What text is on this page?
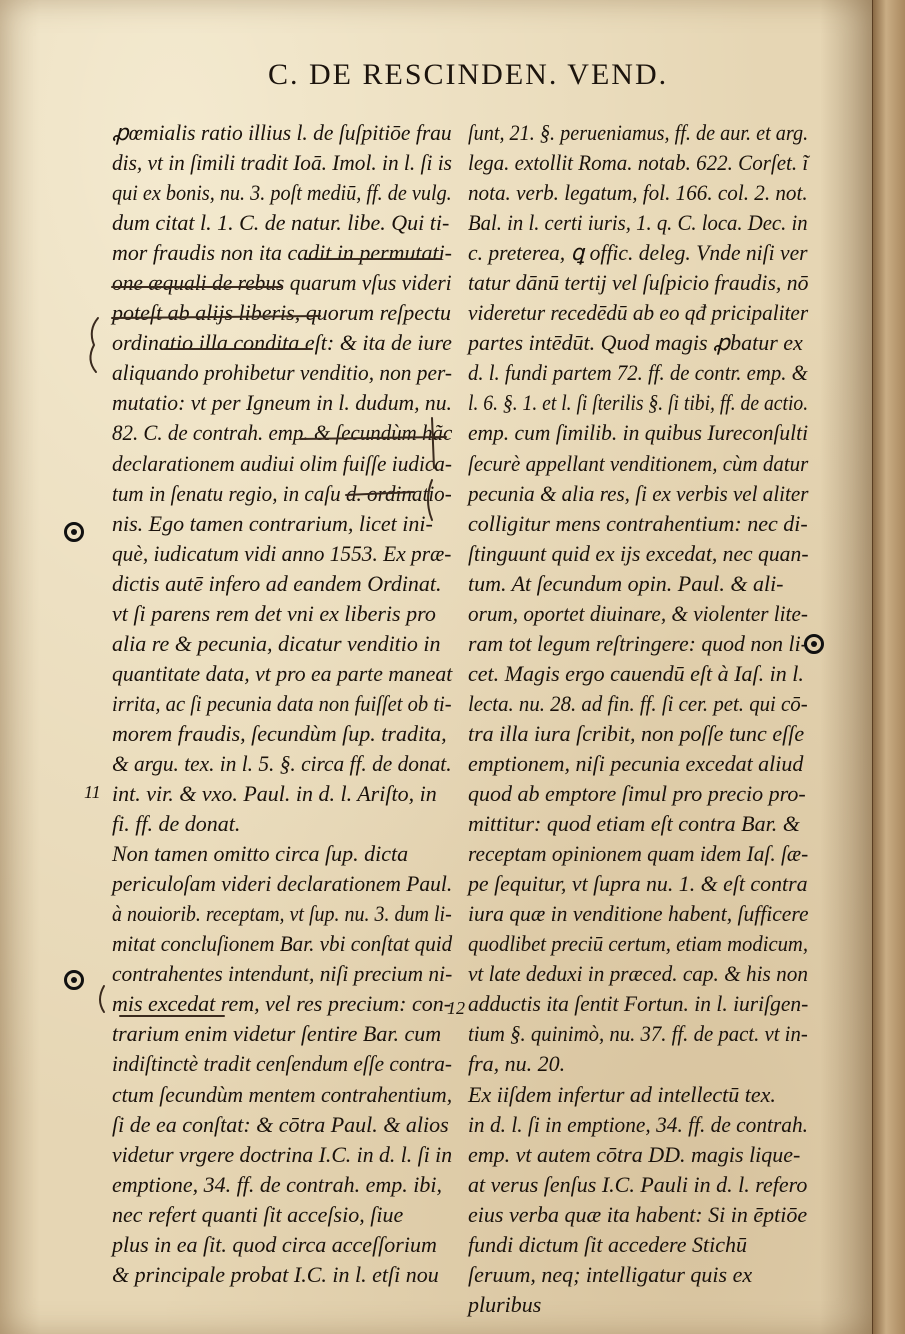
C. DE RESCINDEN. VEND.
ꝓœmialis ratio illius l. de ſuſpitiōe frau
dis, vt in ſimili tradit Ioā. Imol. in l. ſi is
qui ex bonis, nu. 3. poſt mediū, ff. de vulg.
dum citat l. 1. C. de natur. libe. Qui ti-
mor fraudis non ita cadit in permutati-
one æquali de rebus quarum vſus videri
poteſt ab alijs liberis, quorum reſpectu
ordinatio illa condita eſt: & ita de iure
aliquando prohibetur venditio, non per-
mutatio: vt per Igneum in l. dudum, nu.
82. C. de contrah. emp. & ſecundùm hãc
declarationem audiui olim fuiſſe iudica-
tum in ſenatu regio, in caſu d. ordinatio-
nis. Ego tamen contrarium, licet ini-
què, iudicatum vidi anno 1553. Ex præ-
dictis autē infero ad eandem Ordinat.
vt ſi parens rem det vni ex liberis pro
alia re & pecunia, dicatur venditio in
quantitate data, vt pro ea parte maneat
irrita, ac ſi pecunia data non fuiſſet ob ti-
morem fraudis, ſecundùm ſup. tradita,
& argu. tex. in l. 5. §. circa ff. de donat.
int. vir. & vxo. Paul. in d. l. Ariſto, in
fi. ff. de donat.
Non tamen omitto circa ſup. dicta
periculoſam videri declarationem Paul.
à nouiorib. receptam, vt ſup. nu. 3. dum li-
mitat concluſionem Bar. vbi conſtat quid
contrahentes intendunt, niſi precium ni-
mis excedat rem, vel res precium: con-
trarium enim videtur ſentire Bar. cum
indiſtinctè tradit cenſendum eſſe contra-
ctum ſecundùm mentem contrahentium,
ſi de ea conſtat: & cōtra Paul. & alios
videtur vrgere doctrina I.C. in d. l. ſi in
emptione, 34. ff. de contrah. emp. ibi,
nec refert quanti ſit acceſsio, ſiue
plus in ea ſit. quod circa acceſſorium
& principale probat I.C. in l. etſi nou
ſunt, 21. §. perueniamus, ff. de aur. et arg.
lega. extollit Roma. notab. 622. Corſet. ĩ
nota. verb. legatum, fol. 166. col. 2. not.
Bal. in l. certi iuris, 1. q. C. loca. Dec. in
c. preterea, ꝗ offic. deleg. Vnde niſi ver
tatur dānū tertij vel ſuſpicio fraudis, nō
videretur recedēdū ab eo qđ pricipaliter
partes intēdūt. Quod magis ꝓbatur ex
d. l. fundi partem 72. ff. de contr. emp. &
l. 6. §. 1. et l. ſi ſterilis §. ſi tibi, ff. de actio.
emp. cum ſimilib. in quibus Iureconſulti
ſecurè appellant venditionem, cùm datur
pecunia & alia res, ſi ex verbis vel aliter
colligitur mens contrahentium: nec di-
ſtinguunt quid ex ijs excedat, nec quan-
tum. At ſecundum opin. Paul. & ali-
orum, oportet diuinare, & violenter lite-
ram tot legum reſtringere: quod non li-
cet. Magis ergo cauendū eſt à Iaſ. in l.
lecta. nu. 28. ad fin. ff. ſi cer. pet. qui cō-
tra illa iura ſcribit, non poſſe tunc eſſe
emptionem, niſi pecunia excedat aliud
quod ab emptore ſimul pro precio pro-
mittitur: quod etiam eſt contra Bar. &
receptam opinionem quam idem Iaſ. ſæ-
pe ſequitur, vt ſupra nu. 1. & eſt contra
iura quæ in venditione habent, ſufficere
quodlibet preciū certum, etiam modicum,
vt late deduxi in præced. cap. & his non
adductis ita ſentit Fortun. in l. iuriſgen-
tium §. quinimò, nu. 37. ff. de pact. vt in-
fra, nu. 20.
Ex iiſdem infertur ad intellectū tex.
in d. l. ſi in emptione, 34. ff. de contrah.
emp. vt autem cōtra DD. magis lique-
at verus ſenſus I.C. Pauli in d. l. refero
eius verba quæ ita habent: Si in ēptiōe
fundi dictum ſit accedere Stichū
ſeruum, neq; intelligatur quis ex
pluribus
11
12
